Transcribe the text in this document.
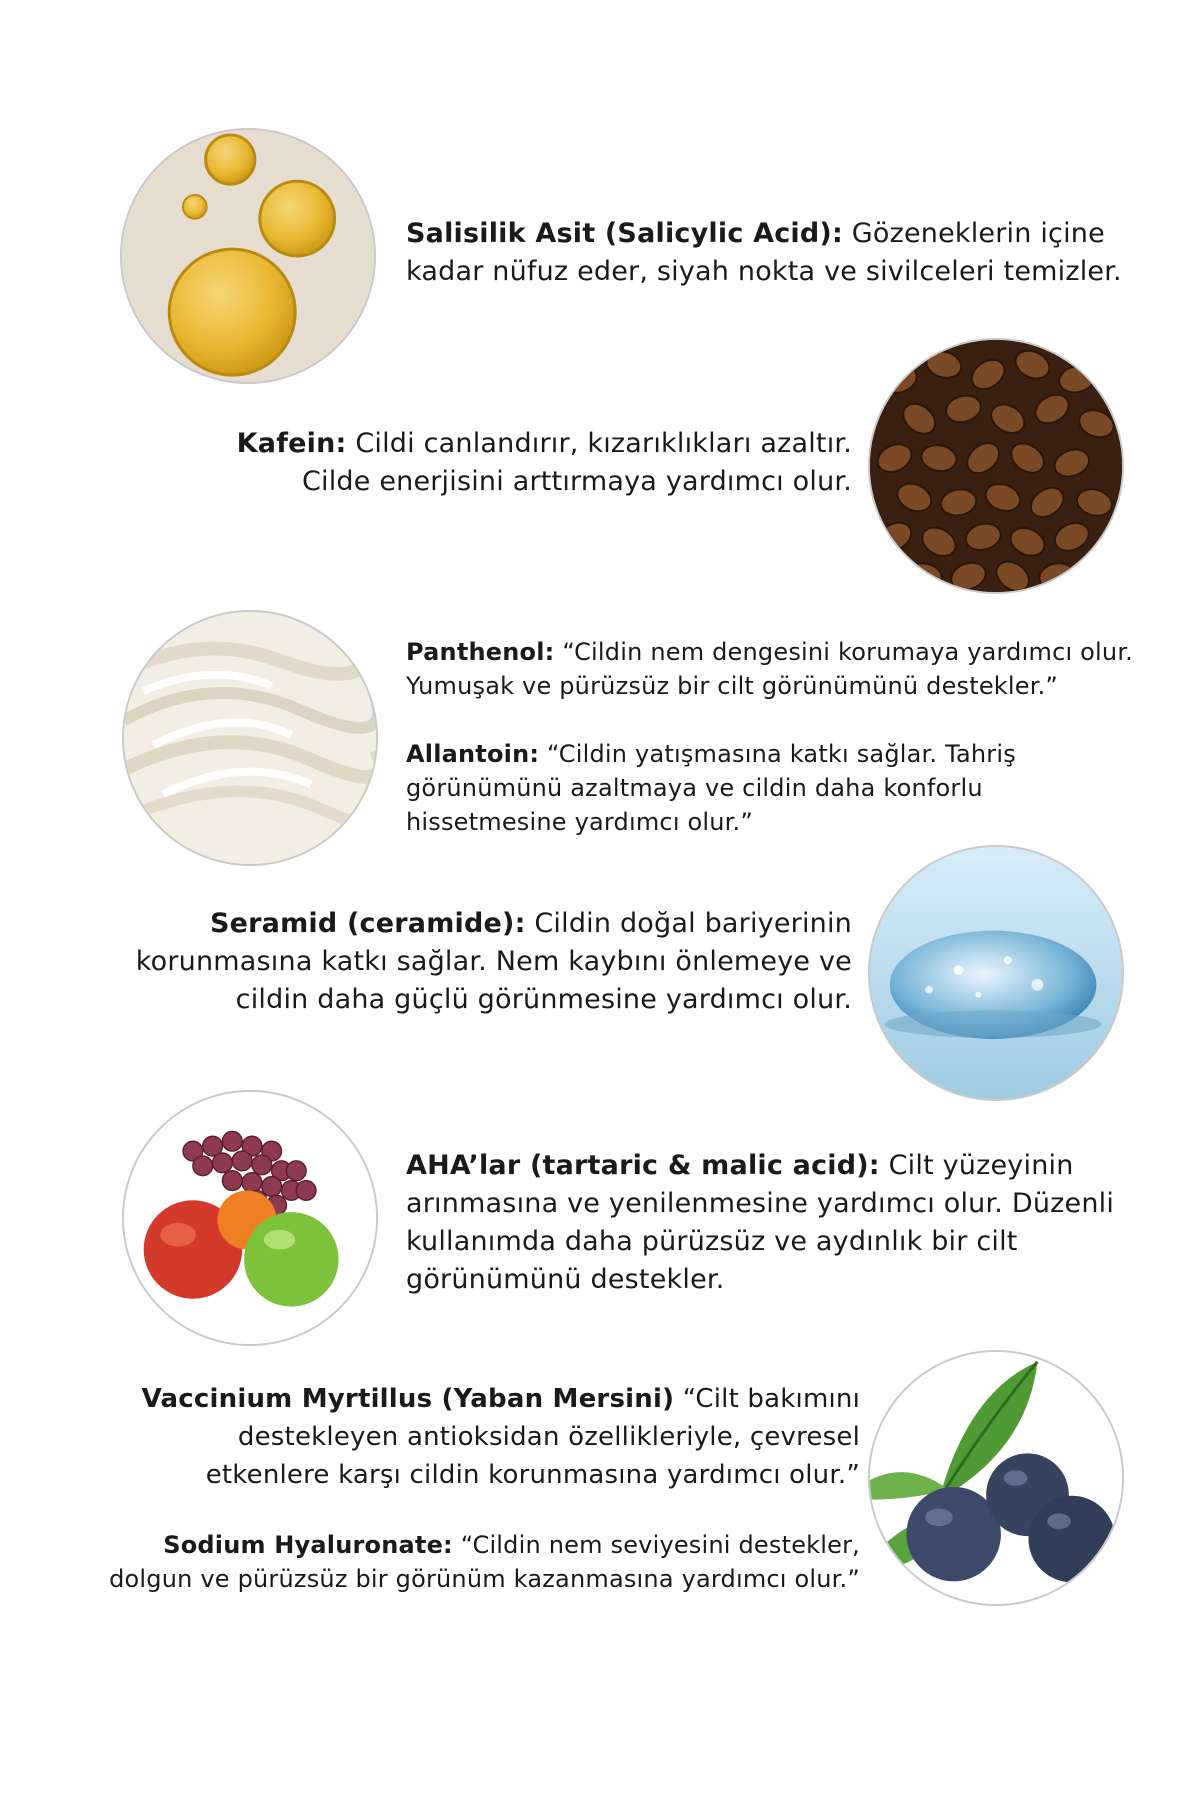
Salisilik Asit (Salicylic Acid): Gözeneklerin içine
kadar nüfuz eder, siyah nokta ve sivilceleri temizler.
Kafein: Cildi canlandırır, kızarıklıkları azaltır.
Cilde enerjisini arttırmaya yardımcı olur.
Panthenol: “Cildin nem dengesini korumaya yardımcı olur.
Yumuşak ve pürüzsüz bir cilt görünümünü destekler.”
Allantoin: “Cildin yatışmasına katkı sağlar. Tahriş
görünümünü azaltmaya ve cildin daha konforlu
hissetmesine yardımcı olur.”
Seramid (ceramide): Cildin doğal bariyerinin
korunmasına katkı sağlar. Nem kaybını önlemeye ve
cildin daha güçlü görünmesine yardımcı olur.
AHA’lar (tartaric & malic acid): Cilt yüzeyinin
arınmasına ve yenilenmesine yardımcı olur. Düzenli
kullanımda daha pürüzsüz ve aydınlık bir cilt
görünümünü destekler.
Vaccinium Myrtillus (Yaban Mersini) “Cilt bakımını
destekleyen antioksidan özellikleriyle, çevresel
etkenlere karşı cildin korunmasına yardımcı olur.”
Sodium Hyaluronate: “Cildin nem seviyesini destekler,
dolgun ve pürüzsüz bir görünüm kazanmasına yardımcı olur.”
